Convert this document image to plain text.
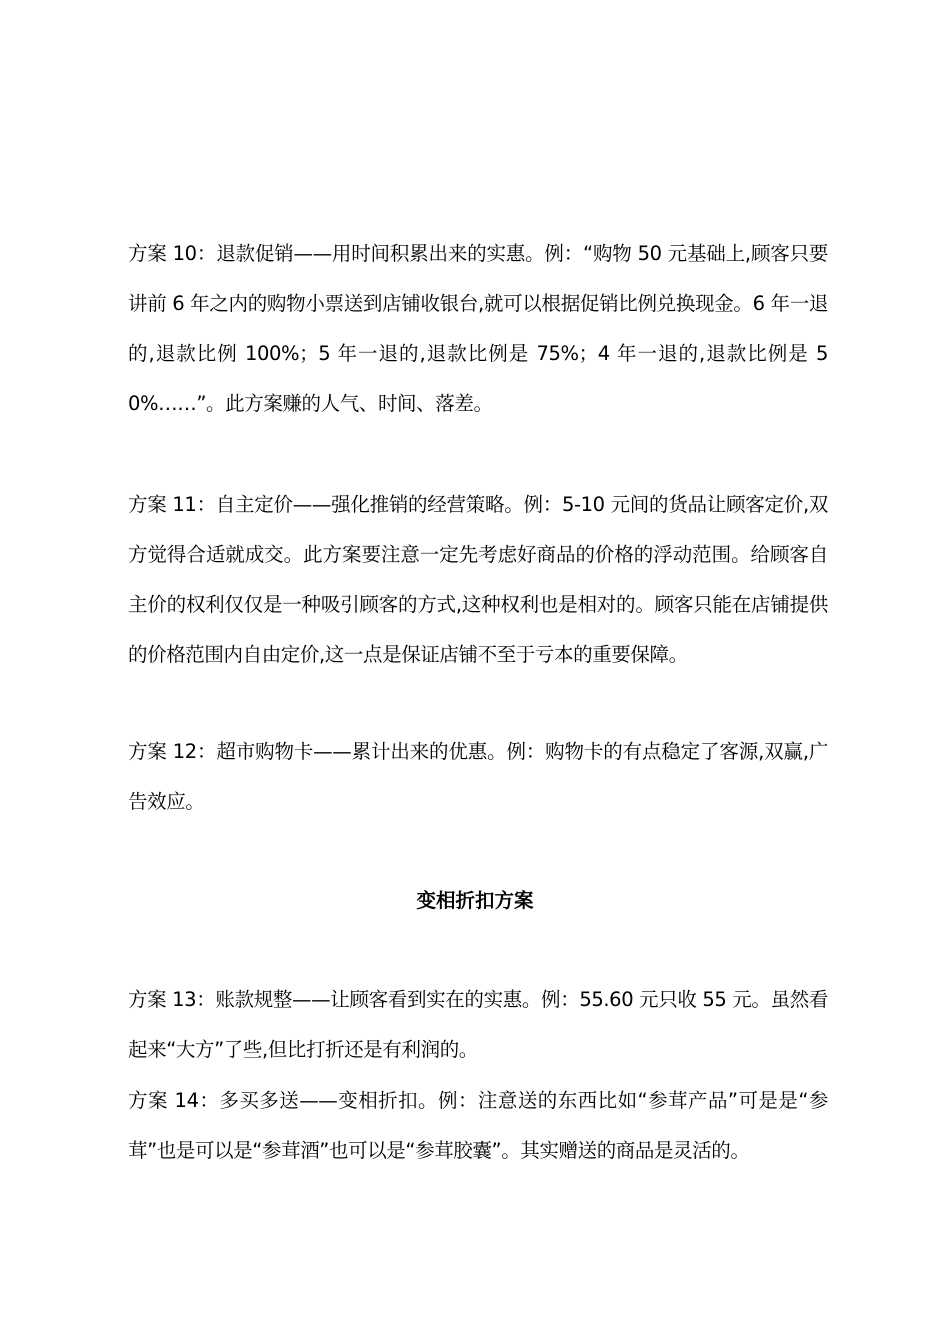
方案 10：退款促销——用时间积累出来的实惠。例：“购物 50 元基础上,顾客只要讲前 6 年之内的购物小票送到店铺收银台,就可以根据促销比例兑换现金。6 年一退的,退款比例 100%；5 年一退的,退款比例是 75%；4 年一退的,退款比例是 50%……”。此方案赚的人气、时间、落差。

方案 11：自主定价——强化推销的经营策略。例：5-10 元间的货品让顾客定价,双方觉得合适就成交。此方案要注意一定先考虑好商品的价格的浮动范围。给顾客自主价的权利仅仅是一种吸引顾客的方式,这种权利也是相对的。顾客只能在店铺提供的价格范围内自由定价,这一点是保证店铺不至于亏本的重要保障。

方案 12：超市购物卡——累计出来的优惠。例：购物卡的有点稳定了客源,双赢,广告效应。

变相折扣方案

方案 13：账款规整——让顾客看到实在的实惠。例：55.60 元只收 55 元。虽然看起来“大方”了些,但比打折还是有利润的。

方案 14：多买多送——变相折扣。例：注意送的东西比如“参茸产品”可是是“参茸”也是可以是“参茸酒”也可以是“参茸胶囊”。其实赠送的商品是灵活的。
